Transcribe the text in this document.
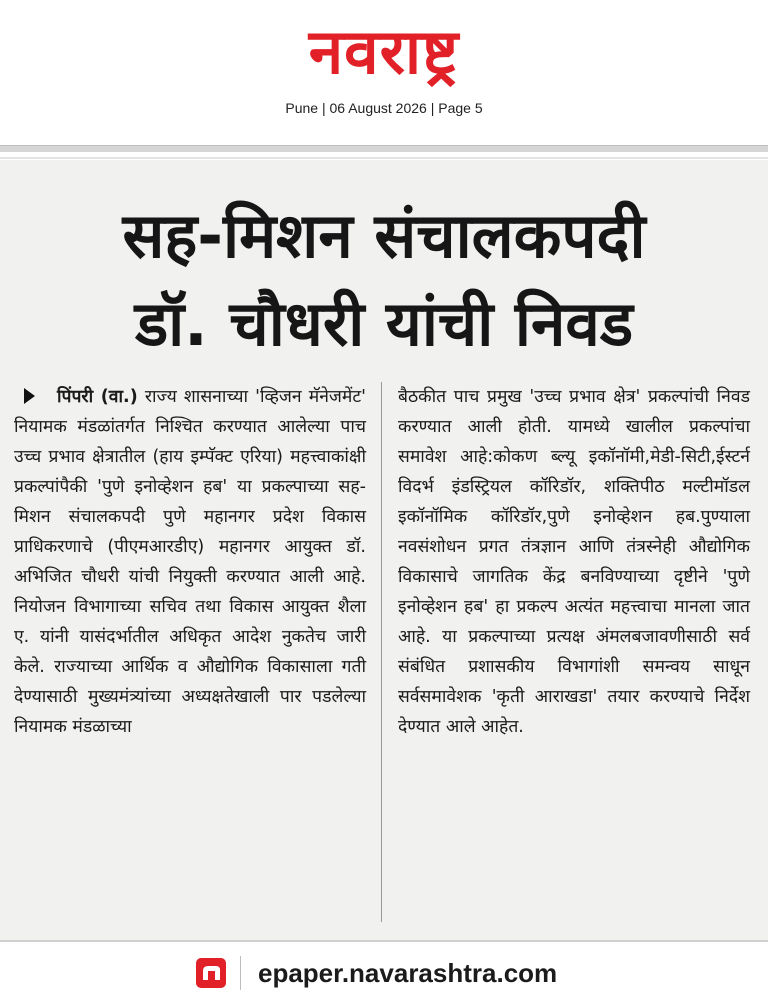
नवराष्ट्र
Pune | 06 August 2026 | Page 5
सह-मिशन संचालकपदी
डॉ. चौधरी यांची निवड
पिंपरी (वा.) राज्य शासनाच्या 'व्हिजन मॅनेजमेंट' नियामक मंडळांतर्गत निश्चित करण्यात आलेल्या पाच उच्च प्रभाव क्षेत्रातील (हाय इम्पॅक्ट एरिया) महत्त्वाकांक्षी प्रकल्पांपैकी 'पुणे इनोव्हेशन हब' या प्रकल्पाच्या सह-मिशन संचालकपदी पुणे महानगर प्रदेश विकास प्राधिकरणाचे (पीएमआरडीए) महानगर आयुक्त डॉ. अभिजित चौधरी यांची नियुक्ती करण्यात आली आहे. नियोजन विभागाच्या सचिव तथा विकास आयुक्त शैला ए. यांनी यासंदर्भातील अधिकृत आदेश नुकतेच जारी केले. राज्याच्या आर्थिक व औद्योगिक विकासाला गती देण्यासाठी मुख्यमंत्र्यांच्या अध्यक्षतेखाली पार पडलेल्या नियामक मंडळाच्या
बैठकीत पाच प्रमुख 'उच्च प्रभाव क्षेत्र' प्रकल्पांची निवड करण्यात आली होती. यामध्ये खालील प्रकल्पांचा समावेश आहे:कोकण ब्ल्यू इकॉनॉमी,मेडी-सिटी,ईस्टर्न विदर्भ इंडस्ट्रियल कॉरिडॉर, शक्तिपीठ मल्टीमॉडल इकॉनॉमिक कॉरिडॉर,पुणे इनोव्हेशन हब.पुण्याला नवसंशोधन प्रगत तंत्रज्ञान आणि तंत्रस्नेही औद्योगिक विकासाचे जागतिक केंद्र बनविण्याच्या दृष्टीने 'पुणे इनोव्हेशन हब' हा प्रकल्प अत्यंत महत्त्वाचा मानला जात आहे. या प्रकल्पाच्या प्रत्यक्ष अंमलबजावणीसाठी सर्व संबंधित प्रशासकीय विभागांशी समन्वय साधून सर्वसमावेशक 'कृती आराखडा' तयार करण्याचे निर्देश देण्यात आले आहेत.
epaper.navarashtra.com
